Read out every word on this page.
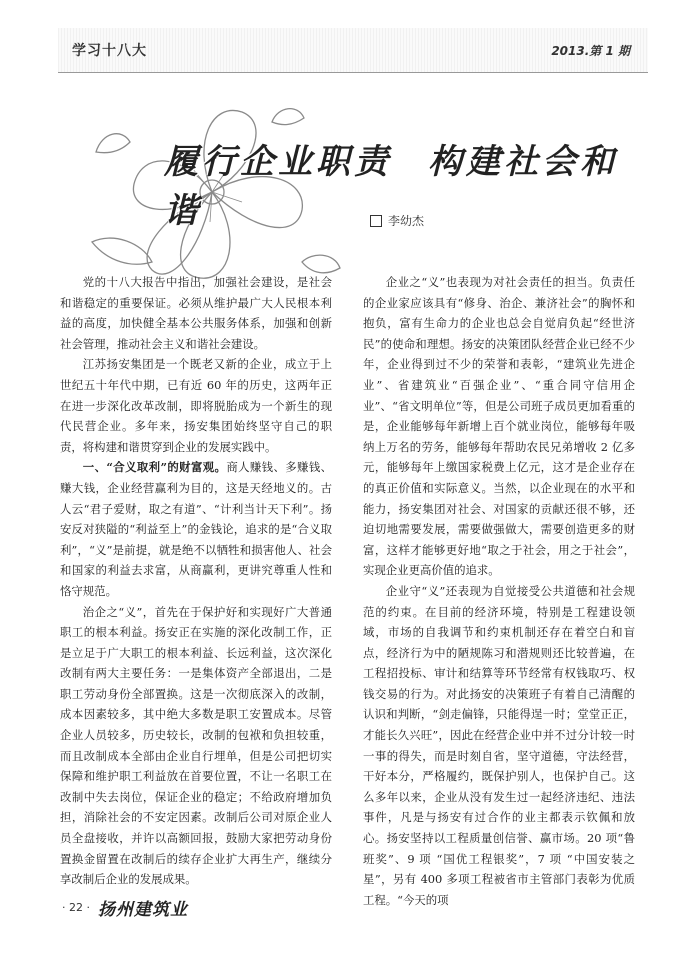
学习十八大	2013.第 1 期
履行企业职责 构建社会和谐	李幼杰

党的十八大报告中指出，加强社会建设，是社会和谐稳定的重要保证。必须从维护最广大人民根本利益的高度，加快健全基本公共服务体系，加强和创新社会管理，推动社会主义和谐社会建设。

江苏扬安集团是一个既老又新的企业，成立于上世纪五十年代中期，已有近 60 年的历史，这两年正在进一步深化改革改制，即将脱胎成为一个新生的现代民营企业。多年来，扬安集团始终坚守自己的职责，将构建和谐贯穿到企业的发展实践中。

一、“合义取利”的财富观。商人赚钱、多赚钱、赚大钱，企业经营赢利为目的，这是天经地义的。古人云“君子爱财，取之有道”、“计利当计天下利”。扬安反对狭隘的“利益至上”的金钱论，追求的是“合义取利”，“义”是前提，就是绝不以牺牲和损害他人、社会和国家的利益去求富，从商赢利，更讲究尊重人性和恪守规范。

治企之“义”，首先在于保护好和实现好广大普通职工的根本利益。扬安正在实施的深化改制工作，正是立足于广大职工的根本利益、长远利益，这次深化改制有两大主要任务：一是集体资产全部退出，二是职工劳动身份全部置换。这是一次彻底深入的改制，成本因素较多，其中绝大多数是职工安置成本。尽管企业人员较多，历史较长，改制的包袱和负担较重，而且改制成本全部由企业自行埋单，但是公司把切实保障和维护职工利益放在首要位置，不让一名职工在改制中失去岗位，保证企业的稳定；不给政府增加负担，消除社会的不安定因素。改制后公司对原企业人员全盘接收，并许以高额回报，鼓励大家把劳动身份置换金留置在改制后的续存企业扩大再生产，继续分享改制后企业的发展成果。

企业之“义”也表现为对社会责任的担当。负责任的企业家应该具有“修身、治企、兼济社会”的胸怀和抱负，富有生命力的企业也总会自觉肩负起“经世济民”的使命和理想。扬安的决策团队经营企业已经不少年，企业得到过不少的荣誉和表彰，“建筑业先进企业”、省建筑业“百强企业”、“重合同守信用企业”、“省文明单位”等，但是公司班子成员更加看重的是，企业能够每年新增上百个就业岗位，能够每年吸纳上万名的劳务，能够每年帮助农民兄弟增收 2 亿多元，能够每年上缴国家税费上亿元，这才是企业存在的真正价值和实际意义。当然，以企业现在的水平和能力，扬安集团对社会、对国家的贡献还很不够，还迫切地需要发展，需要做强做大，需要创造更多的财富，这样才能够更好地“取之于社会，用之于社会”，实现企业更高价值的追求。

企业守“义”还表现为自觉接受公共道德和社会规范的约束。在目前的经济环境，特别是工程建设领域，市场的自我调节和约束机制还存在着空白和盲点，经济行为中的陋规陈习和潜规则还比较普遍，在工程招投标、审计和结算等环节经常有权钱取巧、权钱交易的行为。对此扬安的决策班子有着自己清醒的认识和判断，“剑走偏锋，只能得逞一时；堂堂正正，才能长久兴旺”，因此在经营企业中并不过分计较一时一事的得失，而是时刻自省，坚守道德，守法经营，干好本分，严格履约，既保护别人，也保护自己。这么多年以来，企业从没有发生过一起经济违纪、违法事件，凡是与扬安有过合作的业主都表示钦佩和放心。扬安坚持以工程质量创信誉、赢市场。20 项“鲁班奖”、9 项 “国优工程银奖”，7 项 “中国安装之星”，另有 400 多项工程被省市主管部门表彰为优质工程。“今天的项

· 22 · 扬州建筑业
